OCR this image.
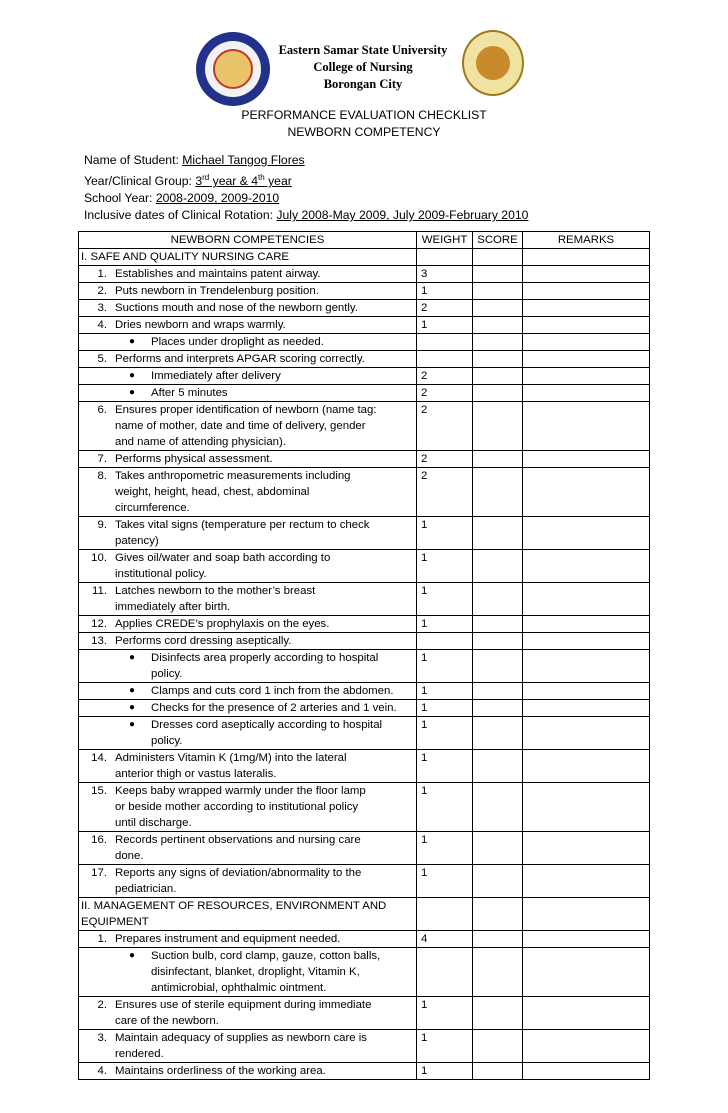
Eastern Samar State University
College of Nursing
Borongan City
PERFORMANCE EVALUATION CHECKLIST
NEWBORN COMPETENCY
Name of Student: Michael Tangog Flores
Year/Clinical Group: 3rd year & 4th year
School Year: 2008-2009, 2009-2010
Inclusive dates of Clinical Rotation: July 2008-May 2009, July 2009-February 2010
NEWBORN COMPETENCIES	WEIGHT	SCORE	REMARKS

I. SAFE AND QUALITY NURSING CARE			

1. Establishes and maintains patent airway.	3		

2. Puts newborn in Trendelenburg position.	1		

3. Suctions mouth and nose of the newborn gently.	2		

4. Dries newborn and wraps warmly.	1		

● Places under droplight as needed.			

5. Performs and interprets APGAR scoring correctly.			

● Immediately after delivery	2		

● After 5 minutes	2		

6. Ensures proper identification of newborn (name tag:
name of mother, date and time of delivery, gender
and name of attending physician).	2		

7. Performs physical assessment.	2		

8. Takes anthropometric measurements including
weight, height, head, chest, abdominal
circumference.	2		

9. Takes vital signs (temperature per rectum to check
patency)	1		

10. Gives oil/water and soap bath according to
institutional policy.	1		

11. Latches newborn to the mother’s breast
immediately after birth.	1		

12. Applies CREDE’s prophylaxis on the eyes.	1		

13. Performs cord dressing aseptically.			

● Disinfects area properly according to hospital
policy.	1		

● Clamps and cuts cord 1 inch from the abdomen.	1		

● Checks for the presence of 2 arteries and 1 vein.	1		

● Dresses cord aseptically according to hospital
policy.	1		

14. Administers Vitamin K (1mg/M) into the lateral
anterior thigh or vastus lateralis.	1		

15. Keeps baby wrapped warmly under the floor lamp
or beside mother according to institutional policy
until discharge.	1		

16. Records pertinent observations and nursing care
done.	1		

17. Reports any signs of deviation/abnormality to the
pediatrician.	1		

II. MANAGEMENT OF RESOURCES, ENVIRONMENT AND
EQUIPMENT			

1. Prepares instrument and equipment needed.	4		

● Suction bulb, cord clamp, gauze, cotton balls,
disinfectant, blanket, droplight, Vitamin K,
antimicrobial, ophthalmic ointment.			

2. Ensures use of sterile equipment during immediate
care of the newborn.	1		

3. Maintain adequacy of supplies as newborn care is
rendered.	1		

4. Maintains orderliness of the working area.	1		
